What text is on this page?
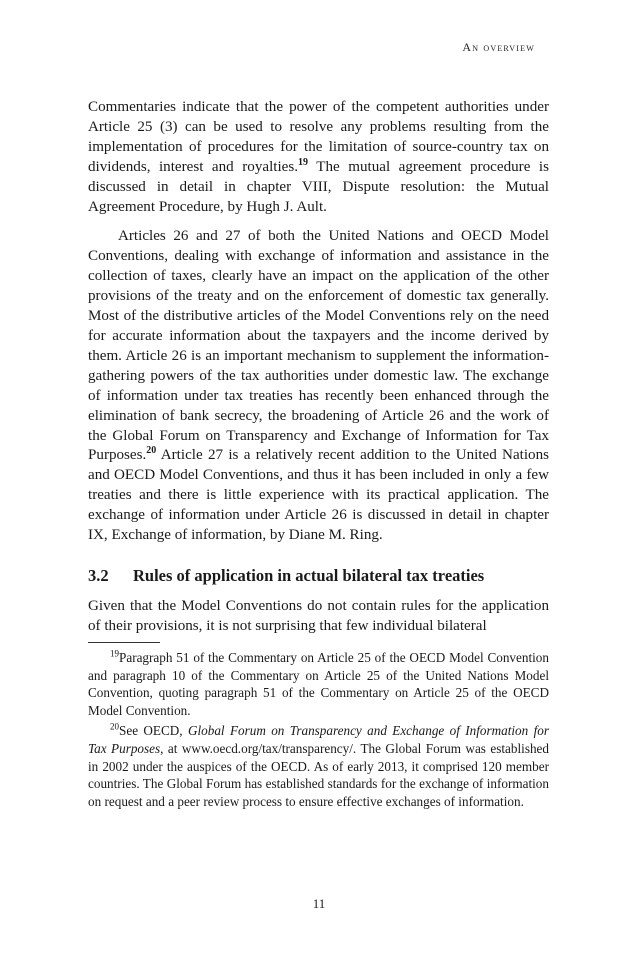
An overview

Commentaries indicate that the power of the competent authorities under Article 25 (3) can be used to resolve any problems resulting from the implementation of procedures for the limitation of source-country tax on dividends, interest and royalties.$^{19}$ The mutual agreement procedure is discussed in detail in chapter VIII, Dispute resolution: the Mutual Agreement Procedure, by Hugh J. Ault.

Articles 26 and 27 of both the United Nations and OECD Model Conventions, dealing with exchange of information and assistance in the collection of taxes, clearly have an impact on the application of the other provisions of the treaty and on the enforcement of domestic tax generally. Most of the distributive articles of the Model Conventions rely on the need for accurate information about the taxpayers and the income derived by them. Article 26 is an important mechanism to supplement the information-gathering powers of the tax authorities under domestic law. The exchange of information under tax treaties has recently been enhanced through the elimination of bank secrecy, the broadening of Article 26 and the work of the Global Forum on Transparency and Exchange of Information for Tax Purposes.$^{20}$ Article 27 is a relatively recent addition to the United Nations and OECD Model Conventions, and thus it has been included in only a few treaties and there is little experience with its practical application. The exchange of information under Article 26 is discussed in detail in chapter IX, Exchange of information, by Diane M. Ring.

3.2	Rules of application in actual bilateral tax treaties

Given that the Model Conventions do not contain rules for the application of their provisions, it is not surprising that few individual bilateral

$^{19}$Paragraph 51 of the Commentary on Article 25 of the OECD Model Convention and paragraph 10 of the Commentary on Article 25 of the United Nations Model Convention, quoting paragraph 51 of the Commentary on Article 25 of the OECD Model Convention.

$^{20}$See OECD, Global Forum on Transparency and Exchange of Information for Tax Purposes, at www.oecd.org/tax/transparency/. The Global Forum was established in 2002 under the auspices of the OECD. As of early 2013, it comprised 120 member countries. The Global Forum has established standards for the exchange of information on request and a peer review process to ensure effective exchanges of information.

11
